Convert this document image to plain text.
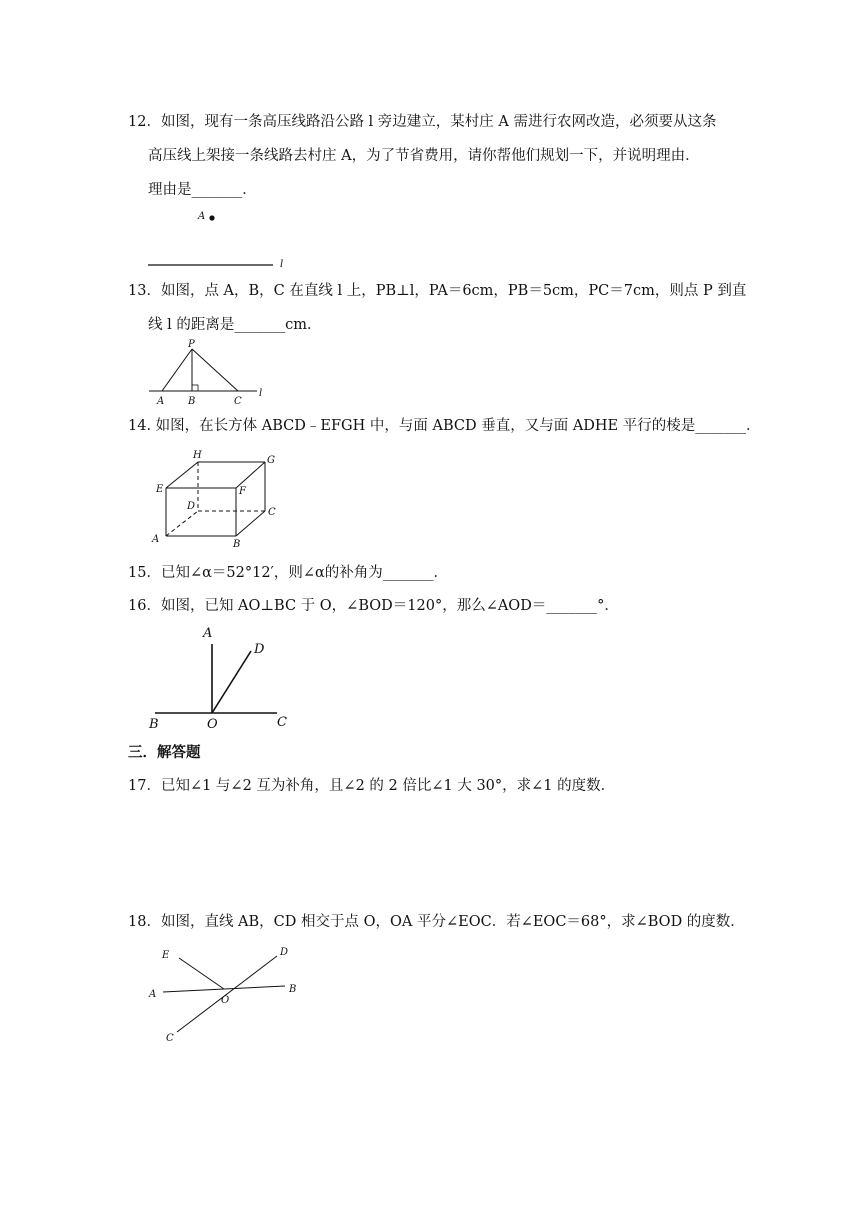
12．如图，现有一条高压线路沿公路 l 旁边建立，某村庄 A 需进行农网改造，必须要从这条
高压线上架接一条线路去村庄 A，为了节省费用，请你帮他们规划一下，并说明理由．
理由是_______．
A
l
13．如图，点 A，B，C 在直线 l 上，PB⊥l，PA＝6cm，PB＝5cm，PC＝7cm，则点 P 到直
线 l 的距离是_______cm．
P
A B	C
l
14. 如图，在长方体 ABCD﹣EFGH 中，与面 ABCD 垂直，又与面 ADHE 平行的棱是_______．
H	G
E	F
D
C
A	B
15．已知∠α＝52°12′，则∠α的补角为_______．
16．如图，已知 AO⊥BC 于 O，∠BOD＝120°，那么∠AOD＝_______°．
A
D
B	O	C
三．解答题
17．已知∠1 与∠2 互为补角，且∠2 的 2 倍比∠1 大 30°，求∠1 的度数．
18．如图，直线 AB，CD 相交于点 O，OA 平分∠EOC．若∠EOC＝68°，求∠BOD 的度数．
E	D
A
O
B
C
